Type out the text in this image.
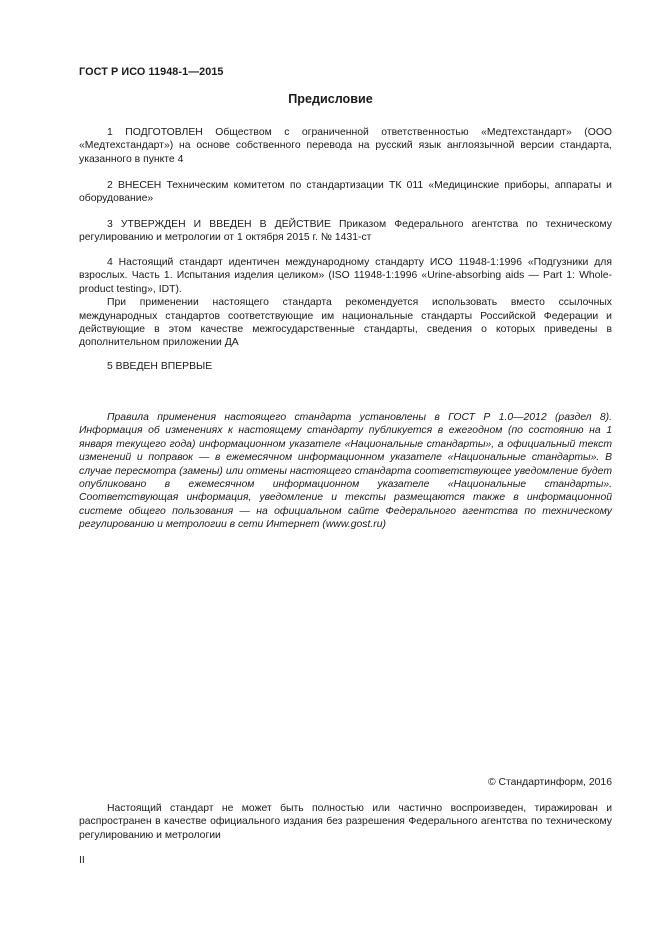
ГОСТ Р ИСО 11948-1—2015
Предисловие

1 ПОДГОТОВЛЕН Обществом с ограниченной ответственностью «Медтехстандарт» (ООО «Медтехстандарт») на основе собственного перевода на русский язык англоязычной версии стандарта, указанного в пункте 4

2 ВНЕСЕН Техническим комитетом по стандартизации ТК 011 «Медицинские приборы, аппараты и оборудование»

3 УТВЕРЖДЕН И ВВЕДЕН В ДЕЙСТВИЕ Приказом Федерального агентства по техническому регулированию и метрологии от 1 октября 2015 г. № 1431-ст

4 Настоящий стандарт идентичен международному стандарту ИСО 11948-1:1996 «Подгузники для взрослых. Часть 1. Испытания изделия целиком» (ISO 11948-1:1996 «Urine-absorbing aids — Part 1: Whole-product testing», IDT).

При применении настоящего стандарта рекомендуется использовать вместо ссылочных международных стандартов соответствующие им национальные стандарты Российской Федерации и действующие в этом качестве межгосударственные стандарты, сведения о которых приведены в дополнительном приложении ДА

5 ВВЕДЕН ВПЕРВЫЕ

Правила применения настоящего стандарта установлены в ГОСТ Р 1.0—2012 (раздел 8). Информация об изменениях к настоящему стандарту публикуется в ежегодном (по состоянию на 1 января текущего года) информационном указателе «Национальные стандарты», а официальный текст изменений и поправок — в ежемесячном информационном указателе «Национальные стандарты». В случае пересмотра (замены) или отмены настоящего стандарта соответствующее уведомление будет опубликовано в ежемесячном информационном указателе «Национальные стандарты». Соответствующая информация, уведомление и тексты размещаются также в информационной системе общего пользования — на официальном сайте Федерального агентства по техническому регулированию и метрологии в сети Интернет (www.gost.ru)
© Стандартинформ, 2016

Настоящий стандарт не может быть полностью или частично воспроизведен, тиражирован и распространен в качестве официального издания без разрешения Федерального агентства по техническому регулированию и метрологии

II
